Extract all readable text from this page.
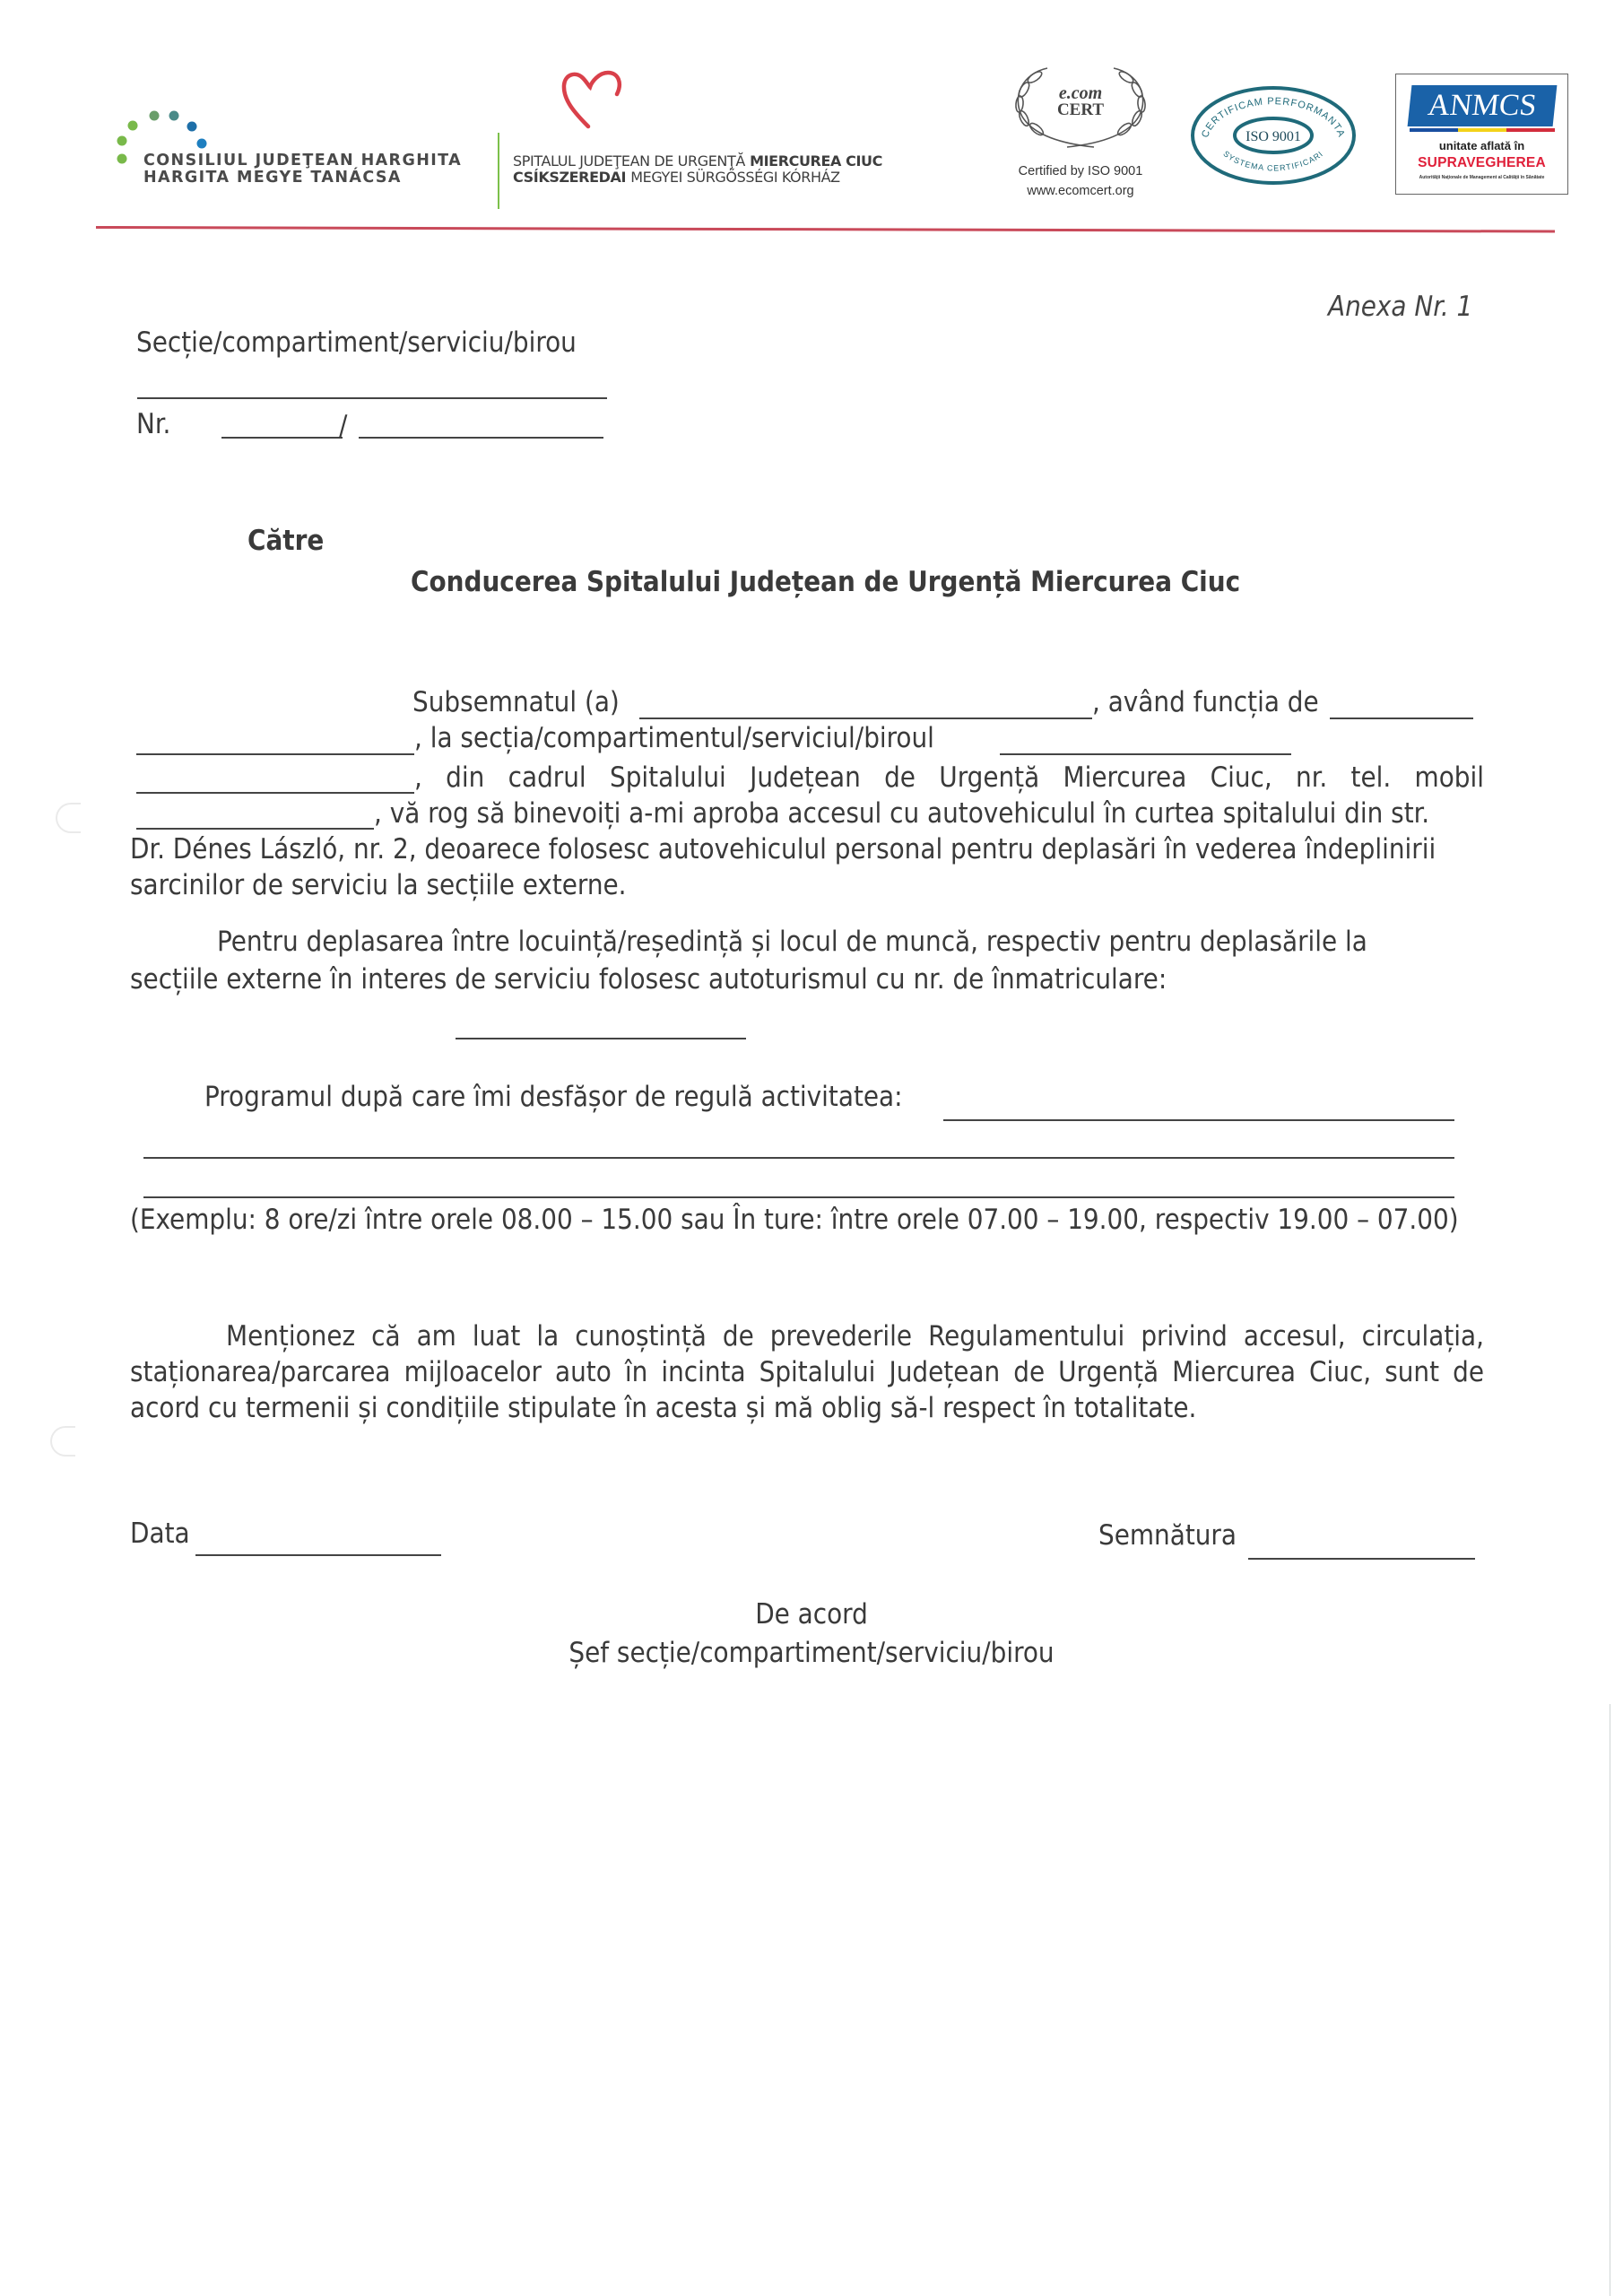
CONSILIUL JUDEŢEAN HARGHITA
HARGITA MEGYE TANÁCSA
SPITALUL JUDEŢEAN DE URGENŢĂ MIERCUREA CIUC
CSÍKSZEREDAI MEGYEI SÜRGŐSSÉGI KÓRHÁZ
e.com
CERT
Certified by ISO 9001
www.ecomcert.org
CERTIFICAM PERFORMANTA
ISO 9001
SYSTEMA CERTIFICARI
ANMCS
unitate aflată în
SUPRAVEGHEREA
Autorităţii Naţionale de Management al Calităţii în Sănătate
Anexa Nr. 1
Secție/compartiment/serviciu/birou
Nr.	/
Către
Conducerea Spitalului Județean de Urgență Miercurea Ciuc
Subsemnatul (a)	, având funcția de
, la secția/compartimentul/serviciul/biroul
, din cadrul Spitalului Județean de Urgență Miercurea Ciuc, nr. tel. mobil
, vă rog să binevoiți a-mi aproba accesul cu autovehiculul în curtea spitalului din str.
Dr. Dénes László, nr. 2, deoarece folosesc autovehiculul personal pentru deplasări în vederea îndeplinirii
sarcinilor de serviciu la secțiile externe.
Pentru deplasarea între locuință/reședință și locul de muncă, respectiv pentru deplasările la
secțiile externe în interes de serviciu folosesc autoturismul cu nr. de înmatriculare:
Programul după care îmi desfășor de regulă activitatea:
(Exemplu: 8 ore/zi între orele 08.00 – 15.00 sau În ture: între orele 07.00 – 19.00, respectiv 19.00 – 07.00)
Menționez că am luat la cunoștință de prevederile Regulamentului privind accesul, circulația, staționarea/parcarea mijloacelor auto în incinta Spitalului Județean de Urgență Miercurea Ciuc, sunt de acord cu termenii și condițiile stipulate în acesta și mă oblig să-l respect în totalitate.
Data	Semnătura
De acord
Șef secție/compartiment/serviciu/birou
